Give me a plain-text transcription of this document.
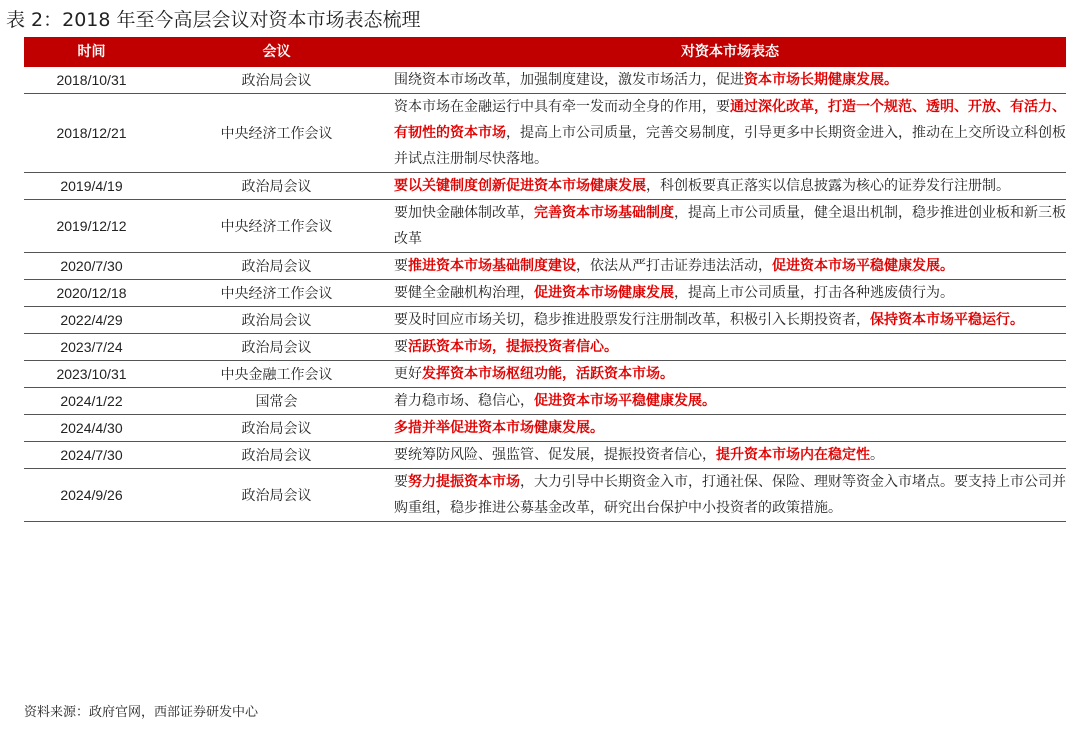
表 2：2018 年至今高层会议对资本市场表态梳理
时间	会议	对资本市场表态
2018/10/31	政治局会议	围绕资本市场改革，加强制度建设，激发市场活力，促进资本市场长期健康发展。
2018/12/21	中央经济工作会议	资本市场在金融运行中具有牵一发而动全身的作用，要通过深化改革，打造一个规范、透明、开放、有活力、有韧性的资本市场，提高上市公司质量，完善交易制度，引导更多中长期资金进入，推动在上交所设立科创板并试点注册制尽快落地。
2019/4/19	政治局会议	要以关键制度创新促进资本市场健康发展，科创板要真正落实以信息披露为核心的证券发行注册制。
2019/12/12	中央经济工作会议	要加快金融体制改革，完善资本市场基础制度，提高上市公司质量，健全退出机制，稳步推进创业板和新三板改革
2020/7/30	政治局会议	要推进资本市场基础制度建设，依法从严打击证券违法活动，促进资本市场平稳健康发展。
2020/12/18	中央经济工作会议	要健全金融机构治理，促进资本市场健康发展，提高上市公司质量，打击各种逃废债行为。
2022/4/29	政治局会议	要及时回应市场关切，稳步推进股票发行注册制改革，积极引入长期投资者，保持资本市场平稳运行。
2023/7/24	政治局会议	要活跃资本市场，提振投资者信心。
2023/10/31	中央金融工作会议	更好发挥资本市场枢纽功能，活跃资本市场。
2024/1/22	国常会	着力稳市场、稳信心，促进资本市场平稳健康发展。
2024/4/30	政治局会议	多措并举促进资本市场健康发展。
2024/7/30	政治局会议	要统筹防风险、强监管、促发展，提振投资者信心，提升资本市场内在稳定性。
2024/9/26	政治局会议	要努力提振资本市场，大力引导中长期资金入市，打通社保、保险、理财等资金入市堵点。要支持上市公司并购重组，稳步推进公募基金改革，研究出台保护中小投资者的政策措施。
资料来源：政府官网，西部证券研发中心
